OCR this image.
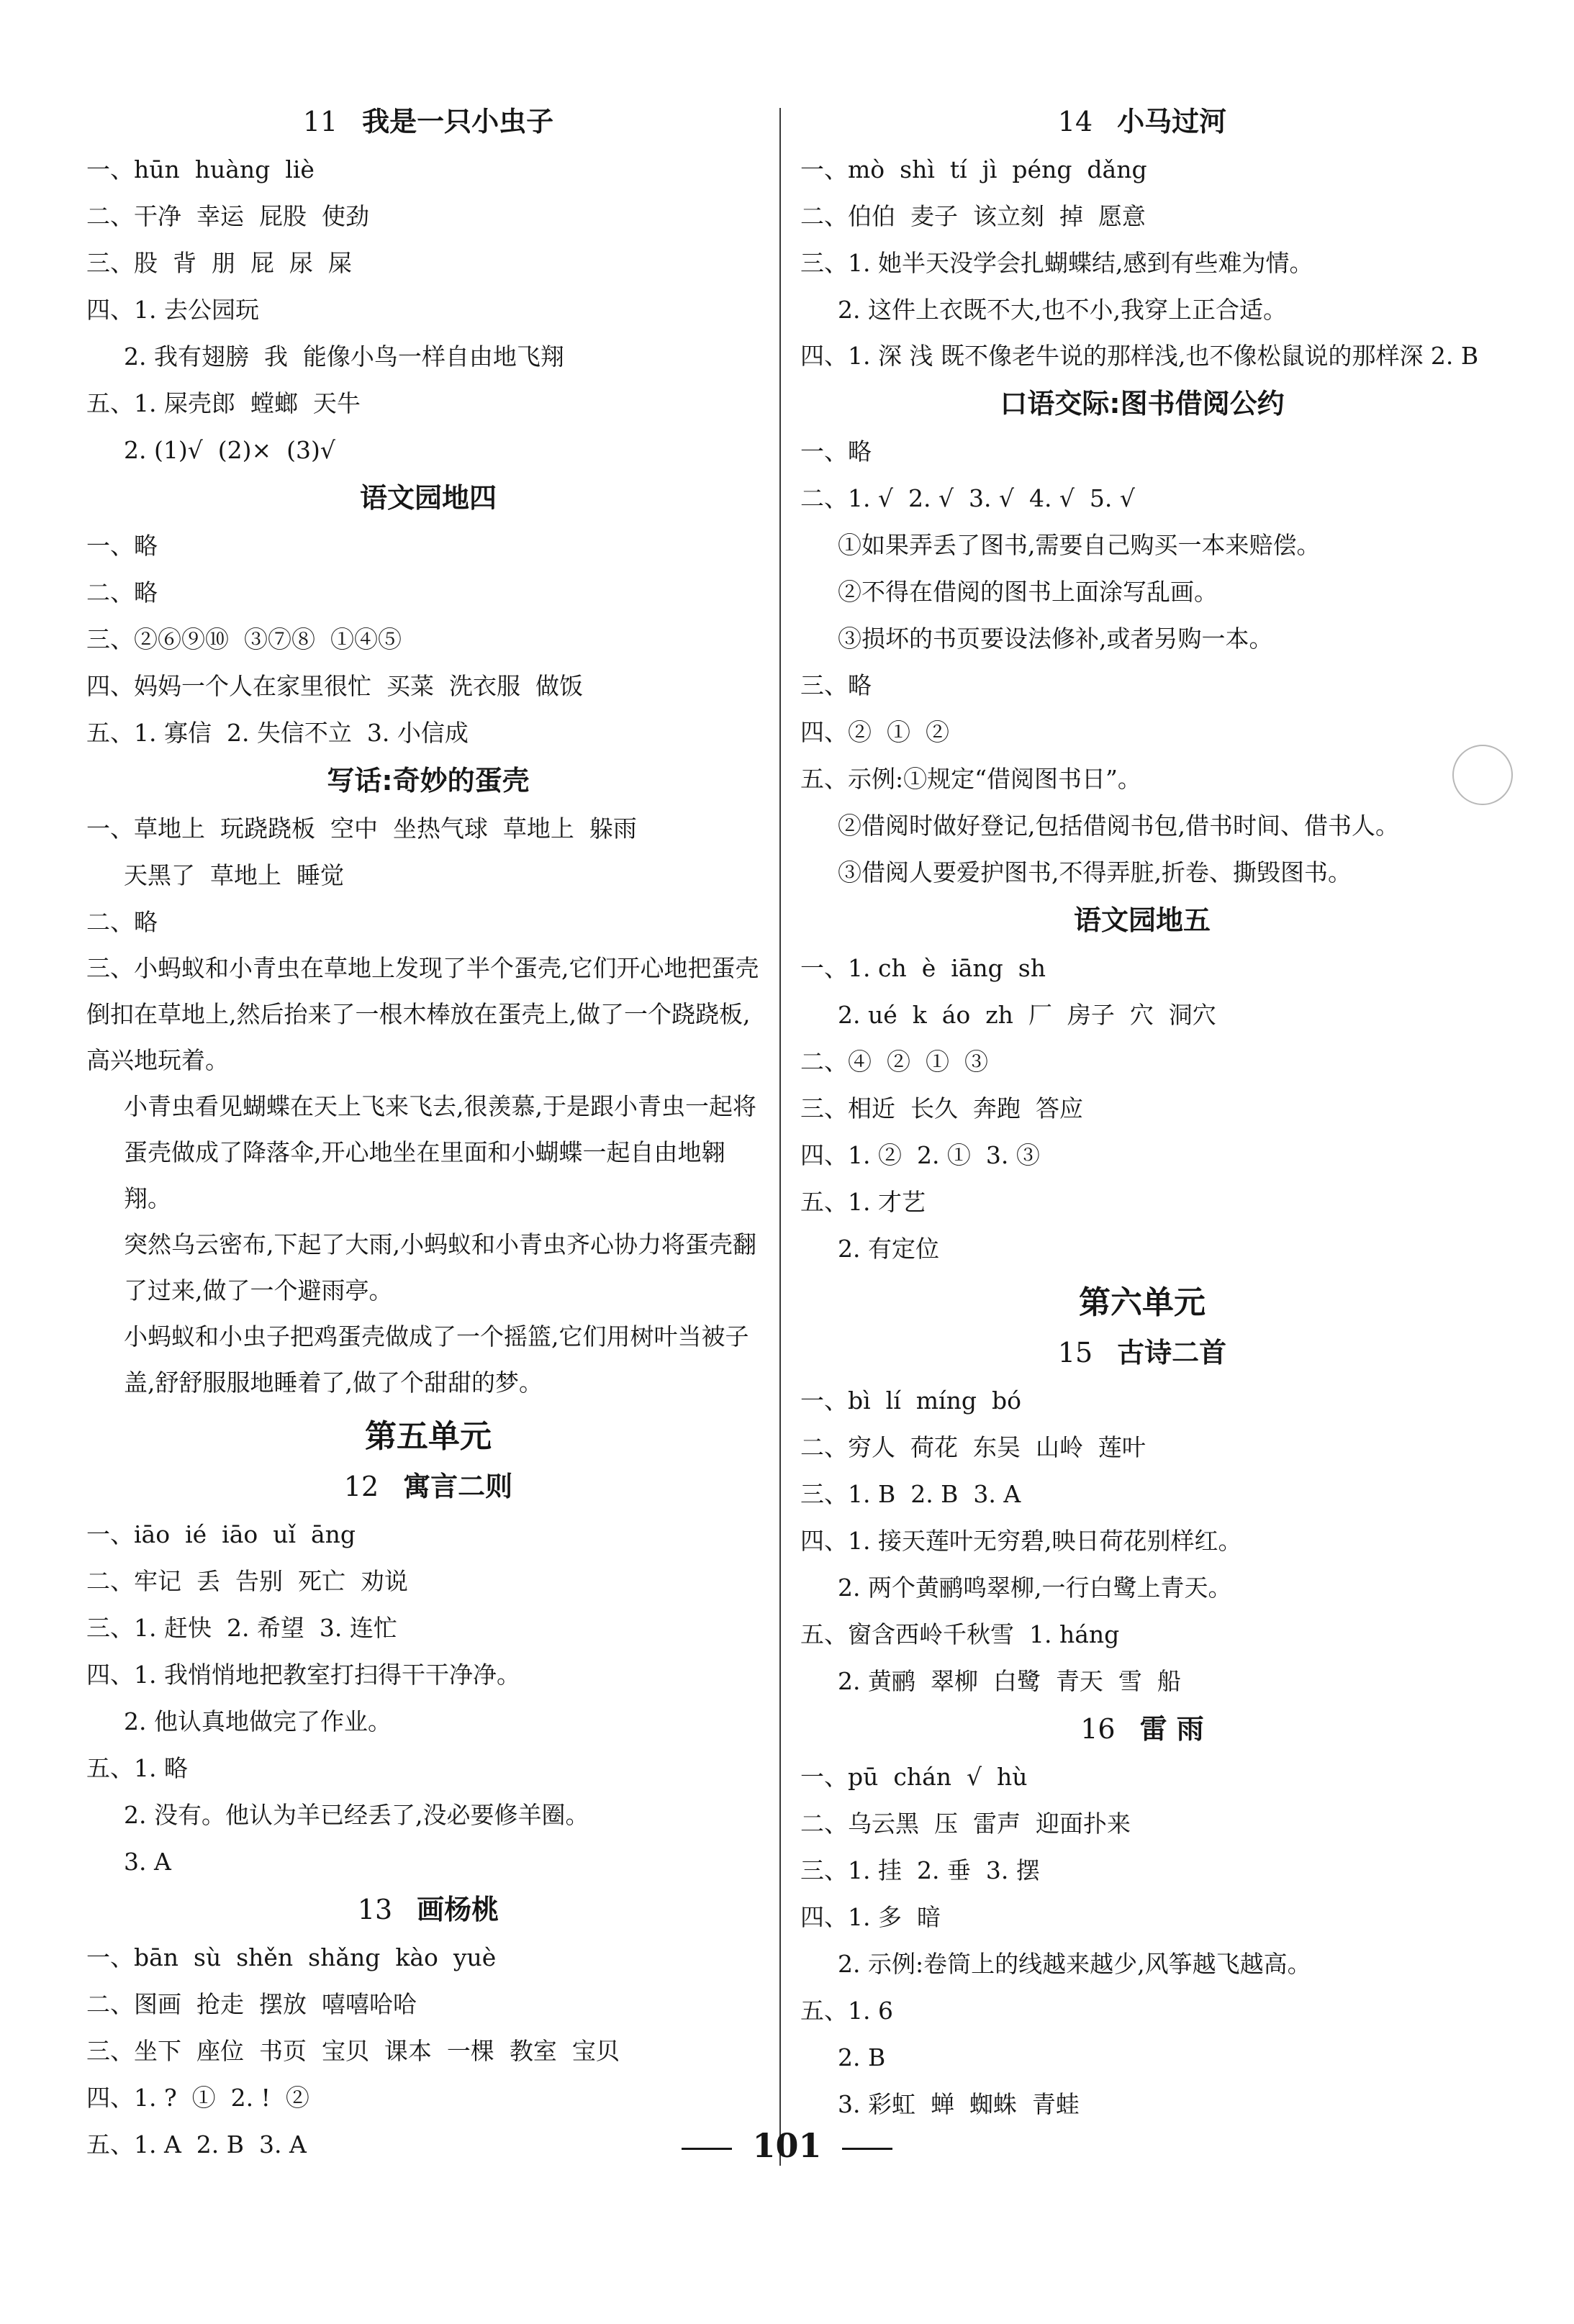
11 我是一只小虫子
一、hūn  huàng  liè
二、干净  幸运  屁股  使劲
三、股  背  朋  屁  尿  屎
四、1. 去公园玩
2. 我有翅膀  我  能像小鸟一样自由地飞翔
五、1. 屎壳郎  螳螂  天牛
2. (1)√  (2)×  (3)√
语文园地四
一、略
二、略
三、②⑥⑨⑩  ③⑦⑧  ①④⑤
四、妈妈一个人在家里很忙  买菜  洗衣服  做饭
五、1. 寡信  2. 失信不立  3. 小信成
写话:奇妙的蛋壳
一、草地上  玩跷跷板  空中  坐热气球  草地上  躲雨
天黑了  草地上  睡觉
二、略
三、小蚂蚁和小青虫在草地上发现了半个蛋壳,它们开心地把蛋壳倒扣在草地上,然后抬来了一根木棒放在蛋壳上,做了一个跷跷板,高兴地玩着。
小青虫看见蝴蝶在天上飞来飞去,很羡慕,于是跟小青虫一起将蛋壳做成了降落伞,开心地坐在里面和小蝴蝶一起自由地翱翔。
突然乌云密布,下起了大雨,小蚂蚁和小青虫齐心协力将蛋壳翻了过来,做了一个避雨亭。
小蚂蚁和小虫子把鸡蛋壳做成了一个摇篮,它们用树叶当被子盖,舒舒服服地睡着了,做了个甜甜的梦。
第五单元
12 寓言二则
一、iāo  ié  iāo  uǐ  āng
二、牢记  丢  告别  死亡  劝说
三、1. 赶快  2. 希望  3. 连忙
四、1. 我悄悄地把教室打扫得干干净净。
2. 他认真地做完了作业。
五、1. 略
2. 没有。他认为羊已经丢了,没必要修羊圈。
3. A
13 画杨桃
一、bān  sù  shěn  shǎng  kào  yuè
二、图画  抢走  摆放  嘻嘻哈哈
三、坐下  座位  书页  宝贝  课本  一棵  教室  宝贝
四、1. ?  ①  2. !  ②
五、1. A  2. B  3. A
14 小马过河
一、mò  shì  tí  jì  péng  dǎng
二、伯伯  麦子  该立刻  掉  愿意
三、1. 她半天没学会扎蝴蝶结,感到有些难为情。
2. 这件上衣既不大,也不小,我穿上正合适。
四、1. 深 浅 既不像老牛说的那样浅,也不像松鼠说的那样深 2. B
口语交际:图书借阅公约
一、略
二、1. √  2. √  3. √  4. √  5. √
①如果弄丢了图书,需要自己购买一本来赔偿。
②不得在借阅的图书上面涂写乱画。
③损坏的书页要设法修补,或者另购一本。
三、略
四、②  ①  ②
五、示例:①规定“借阅图书日”。
②借阅时做好登记,包括借阅书包,借书时间、借书人。
③借阅人要爱护图书,不得弄脏,折卷、撕毁图书。
语文园地五
一、1. ch  è  iāng  sh
2. ué  k  áo  zh  厂  房子  穴  洞穴
二、④  ②  ①  ③
三、相近  长久  奔跑  答应
四、1. ②  2. ①  3. ③
五、1. 才艺
2. 有定位
第六单元
15 古诗二首
一、bì  lí  míng  bó
二、穷人  荷花  东吴  山岭  莲叶
三、1. B  2. B  3. A
四、1. 接天莲叶无穷碧,映日荷花别样红。
2. 两个黄鹂鸣翠柳,一行白鹭上青天。
五、窗含西岭千秋雪  1. háng
2. 黄鹂  翠柳  白鹭  青天  雪  船
16 雷 雨
一、pū  chán  √  hù
二、乌云黑  压  雷声  迎面扑来
三、1. 挂  2. 垂  3. 摆
四、1. 多  暗
2. 示例:卷筒上的线越来越少,风筝越飞越高。
五、1. 6
2. B
3. 彩虹  蝉  蜘蛛  青蛙
101
